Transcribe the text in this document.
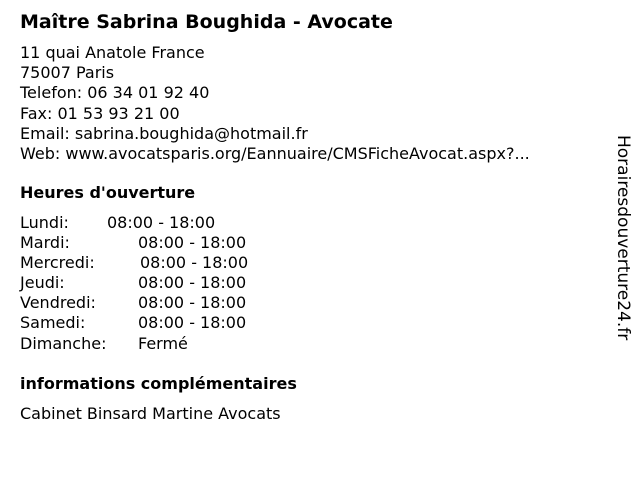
Maître Sabrina Boughida - Avocate
11 quai Anatole France
75007 Paris
Telefon: 06 34 01 92 40
Fax: 01 53 93 21 00
Email: sabrina.boughida@hotmail.fr
Web: www.avocatsparis.org/Eannuaire/CMSFicheAvocat.aspx?...
Heures d'ouverture
Lundi:	08:00 - 18:00
Mardi:	08:00 - 18:00
Mercredi:	08:00 - 18:00
Jeudi:	08:00 - 18:00
Vendredi:	08:00 - 18:00
Samedi:	08:00 - 18:00
Dimanche:	Fermé
informations complémentaires
Cabinet Binsard Martine Avocats
Horairesdouverture24.fr
